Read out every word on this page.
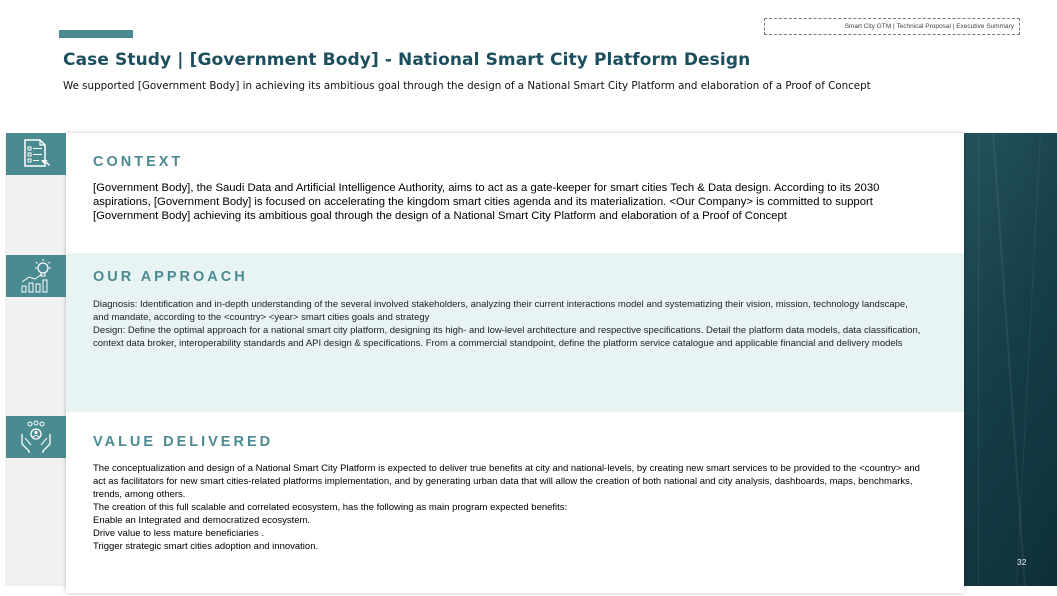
Smart City GTM | Technical Proposal | Executive Summary
Case Study | [Government Body] - National Smart City Platform Design

We supported [Government Body] in achieving its ambitious goal through the design of a National Smart City Platform and elaboration of a Proof of Concept

CONTEXT

[Government Body], the Saudi Data and Artificial Intelligence Authority, aims to act as a gate-keeper for smart cities Tech & Data design. According to its 2030 aspirations, [Government Body] is focused on accelerating the kingdom smart cities agenda and its materialization. <Our Company> is committed to support [Government Body] achieving its ambitious goal through the design of a National Smart City Platform and elaboration of a Proof of Concept

OUR APPROACH

Diagnosis: Identification and in-depth understanding of the several involved stakeholders, analyzing their current interactions model and systematizing their vision, mission, technology landscape, and mandate, according to the <country> <year> smart cities goals and strategy

Design: Define the optimal approach for a national smart city platform, designing its high- and low-level architecture and respective specifications. Detail the platform data models, data classification, context data broker, interoperability standards and API design & specifications. From a commercial standpoint, define the platform service catalogue and applicable financial and delivery models

VALUE DELIVERED

The conceptualization and design of a National Smart City Platform is expected to deliver true benefits at city and national-levels, by creating new smart services to be provided to the <country> and act as facilitators for new smart cities-related platforms implementation, and by generating urban data that will allow the creation of both national and city analysis, dashboards, maps, benchmarks, trends, among others.

The creation of this full scalable and correlated ecosystem, has the following as main program expected benefits:

Enable an Integrated and democratized ecosystem.

Drive value to less mature beneficiaries .

Trigger strategic smart cities adoption and innovation.

32
